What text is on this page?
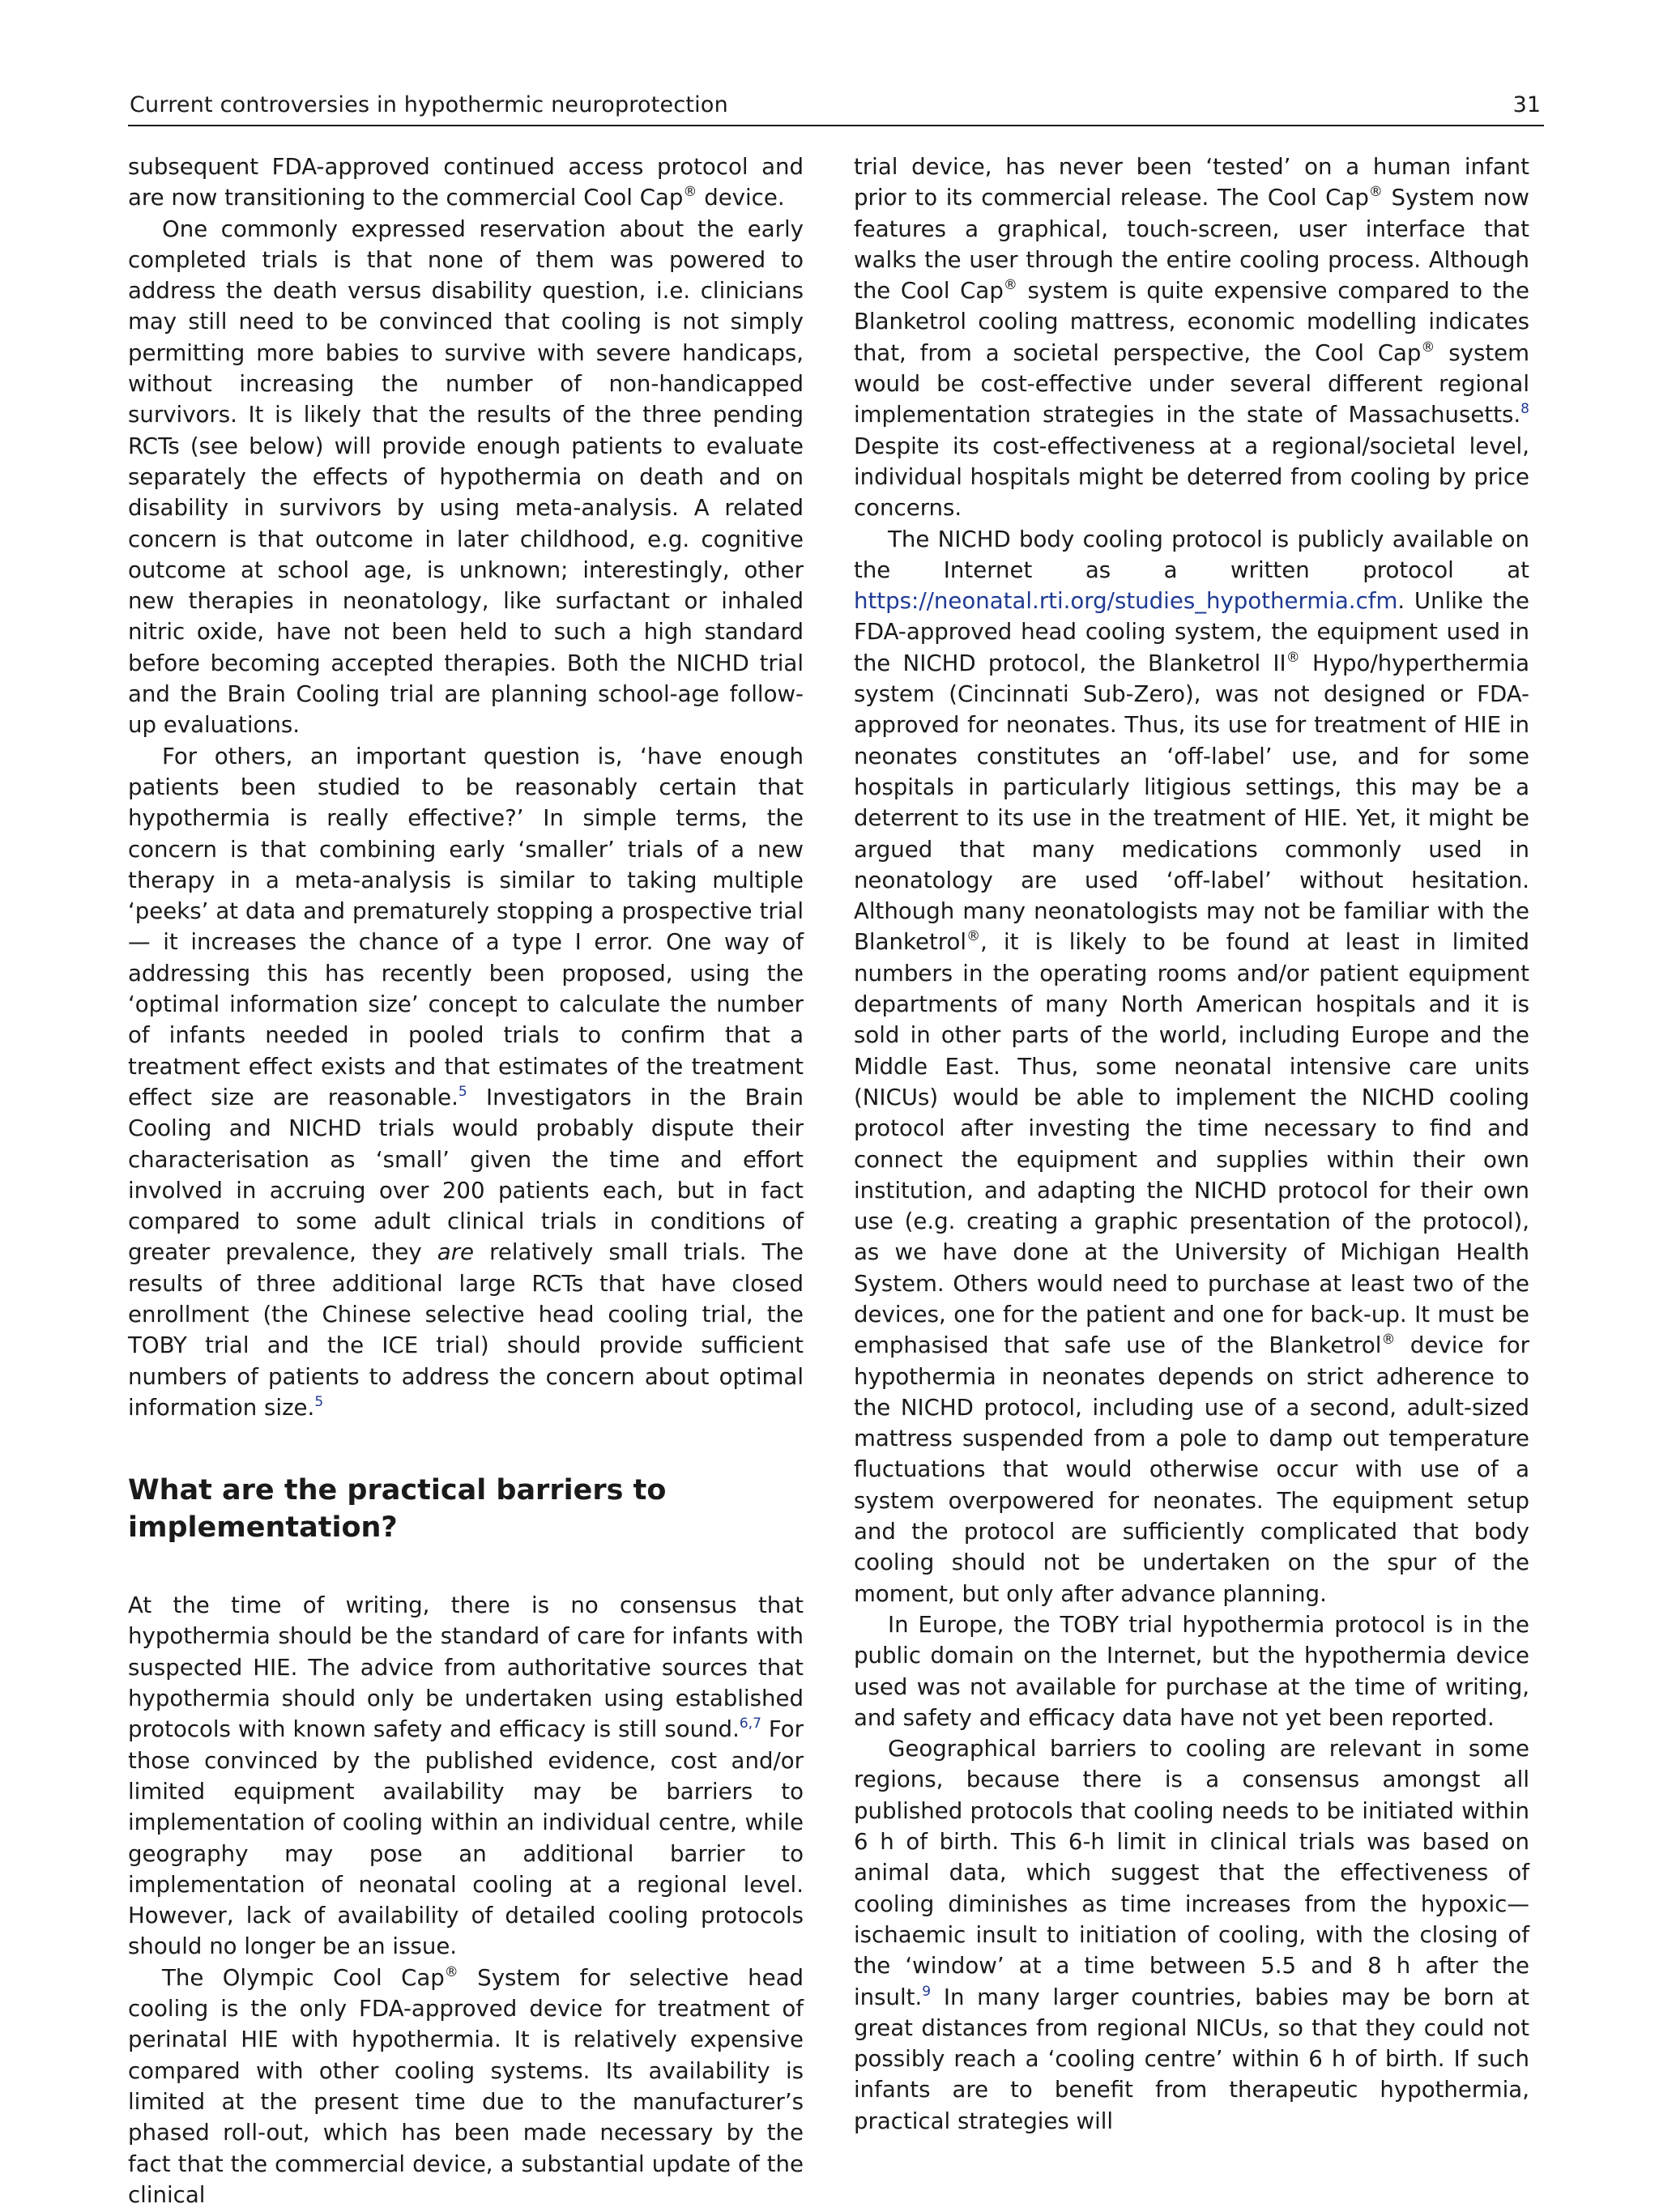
Current controversies in hypothermic neuroprotection	31

subsequent FDA-approved continued access protocol and are now transitioning to the commercial Cool Cap® device.

One commonly expressed reservation about the early completed trials is that none of them was powered to address the death versus disability question, i.e. clinicians may still need to be convinced that cooling is not simply permitting more babies to survive with severe handicaps, without increasing the number of non-handicapped survivors. It is likely that the results of the three pending RCTs (see below) will provide enough patients to evaluate separately the effects of hypothermia on death and on disability in survivors by using meta-analysis. A related concern is that outcome in later childhood, e.g. cognitive outcome at school age, is unknown; interestingly, other new therapies in neonatology, like surfactant or inhaled nitric oxide, have not been held to such a high standard before becoming accepted therapies. Both the NICHD trial and the Brain Cooling trial are planning school-age follow-up evaluations.

For others, an important question is, ‘have enough patients been studied to be reasonably certain that hypothermia is really effective?’ In simple terms, the concern is that combining early ‘smaller’ trials of a new therapy in a meta-analysis is similar to taking multiple ‘peeks’ at data and prematurely stopping a prospective trial — it increases the chance of a type I error. One way of addressing this has recently been proposed, using the ‘optimal information size’ concept to calculate the number of infants needed in pooled trials to confirm that a treatment effect exists and that estimates of the treatment effect size are reasonable.$^5$ Investigators in the Brain Cooling and NICHD trials would probably dispute their characterisation as ‘small’ given the time and effort involved in accruing over 200 patients each, but in fact compared to some adult clinical trials in conditions of greater prevalence, they are relatively small trials. The results of three additional large RCTs that have closed enrollment (the Chinese selective head cooling trial, the TOBY trial and the ICE trial) should provide sufficient numbers of patients to address the concern about optimal information size.$^5$

What are the practical barriers to implementation?

At the time of writing, there is no consensus that hypothermia should be the standard of care for infants with suspected HIE. The advice from authoritative sources that hypothermia should only be undertaken using established protocols with known safety and efficacy is still sound.$^{6,7}$ For those convinced by the published evidence, cost and/or limited equipment availability may be barriers to implementation of cooling within an individual centre, while geography may pose an additional barrier to implementation of neonatal cooling at a regional level. However, lack of availability of detailed cooling protocols should no longer be an issue.

The Olympic Cool Cap® System for selective head cooling is the only FDA-approved device for treatment of perinatal HIE with hypothermia. It is relatively expensive compared with other cooling systems. Its availability is limited at the present time due to the manufacturer’s phased roll-out, which has been made necessary by the fact that the commercial device, a substantial update of the clinical

trial device, has never been ‘tested’ on a human infant prior to its commercial release. The Cool Cap® System now features a graphical, touch-screen, user interface that walks the user through the entire cooling process. Although the Cool Cap® system is quite expensive compared to the Blanketrol cooling mattress, economic modelling indicates that, from a societal perspective, the Cool Cap® system would be cost-effective under several different regional implementation strategies in the state of Massachusetts.$^8$ Despite its cost-effectiveness at a regional/societal level, individual hospitals might be deterred from cooling by price concerns.

The NICHD body cooling protocol is publicly available on the Internet as a written protocol at https://neonatal.rti.org/studies_hypothermia.cfm. Unlike the FDA-approved head cooling system, the equipment used in the NICHD protocol, the Blanketrol II® Hypo/hyperthermia system (Cincinnati Sub-Zero), was not designed or FDA-approved for neonates. Thus, its use for treatment of HIE in neonates constitutes an ‘off-label’ use, and for some hospitals in particularly litigious settings, this may be a deterrent to its use in the treatment of HIE. Yet, it might be argued that many medications commonly used in neonatology are used ‘off-label’ without hesitation. Although many neonatologists may not be familiar with the Blanketrol®, it is likely to be found at least in limited numbers in the operating rooms and/or patient equipment departments of many North American hospitals and it is sold in other parts of the world, including Europe and the Middle East. Thus, some neonatal intensive care units (NICUs) would be able to implement the NICHD cooling protocol after investing the time necessary to find and connect the equipment and supplies within their own institution, and adapting the NICHD protocol for their own use (e.g. creating a graphic presentation of the protocol), as we have done at the University of Michigan Health System. Others would need to purchase at least two of the devices, one for the patient and one for back-up. It must be emphasised that safe use of the Blanketrol® device for hypothermia in neonates depends on strict adherence to the NICHD protocol, including use of a second, adult-sized mattress suspended from a pole to damp out temperature fluctuations that would otherwise occur with use of a system overpowered for neonates. The equipment setup and the protocol are sufficiently complicated that body cooling should not be undertaken on the spur of the moment, but only after advance planning.

In Europe, the TOBY trial hypothermia protocol is in the public domain on the Internet, but the hypothermia device used was not available for purchase at the time of writing, and safety and efficacy data have not yet been reported.

Geographical barriers to cooling are relevant in some regions, because there is a consensus amongst all published protocols that cooling needs to be initiated within 6 h of birth. This 6-h limit in clinical trials was based on animal data, which suggest that the effectiveness of cooling diminishes as time increases from the hypoxic—ischaemic insult to initiation of cooling, with the closing of the ‘window’ at a time between 5.5 and 8 h after the insult.$^9$ In many larger countries, babies may be born at great distances from regional NICUs, so that they could not possibly reach a ‘cooling centre’ within 6 h of birth. If such infants are to benefit from therapeutic hypothermia, practical strategies will
